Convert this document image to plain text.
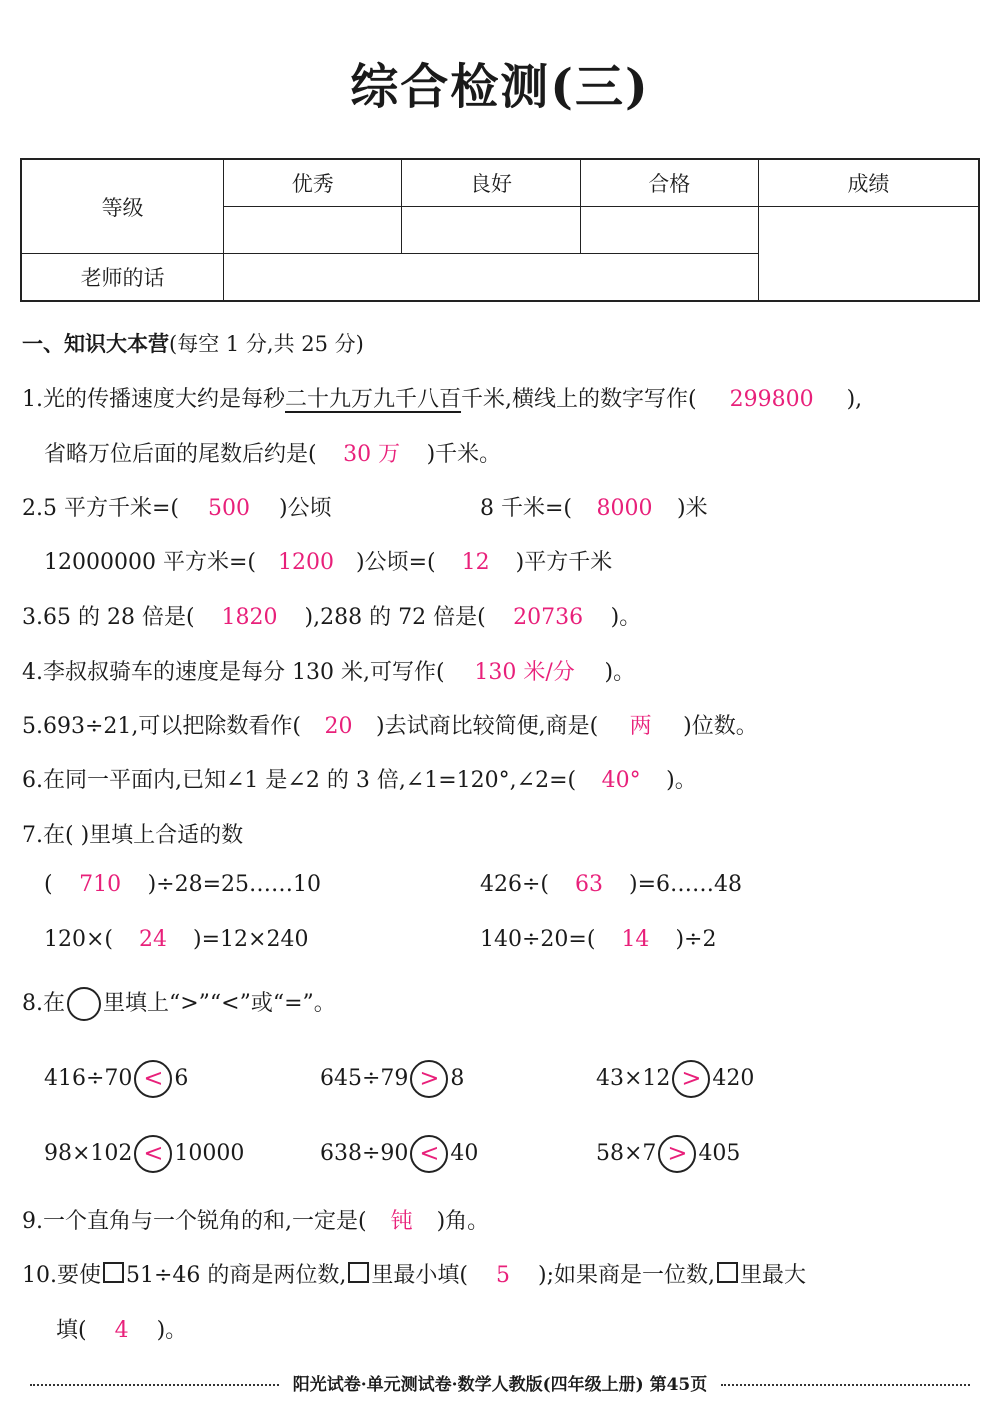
综合检测(三)
等级	优秀	良好	合格	成绩

老师的话				
一、知识大本营(每空 1 分,共 25 分)
1.光的传播速度大约是每秒二十九万九千八百千米,横线上的数字写作( 299800 ),
省略万位后面的尾数后约是( 30 万 )千米。
2.5 平方千米=( 500 )公顷	8 千米=( 8000 )米
12000000 平方米=( 1200 )公顷=( 12 )平方千米
3.65 的 28 倍是( 1820 ),288 的 72 倍是( 20736 )。
4.李叔叔骑车的速度是每分 130 米,可写作( 130 米/分 )。
5.693÷21,可以把除数看作( 20 )去试商比较简便,商是( 两 )位数。
6.在同一平面内,已知∠1 是∠2 的 3 倍,∠1=120°,∠2=( 40° )。
7.在( )里填上合适的数
( 710 )÷28=25……10	426÷( 63 )=6……48
120×( 24 )=12×240	140÷20=( 14 )÷2
8.在 里填上“>”“<”或“=”。
416÷70 < 6	645÷79 > 8	43×12 > 420
98×102 < 10000	638÷90 < 40	58×7 > 405
9.一个直角与一个锐角的和,一定是( 钝 )角。
10.要使 51÷46 的商是两位数, 里最小填( 5 );如果商是一位数, 里最大
填( 4 )。
阳光试卷·单元测试卷·数学人教版(四年级上册) 第45页
